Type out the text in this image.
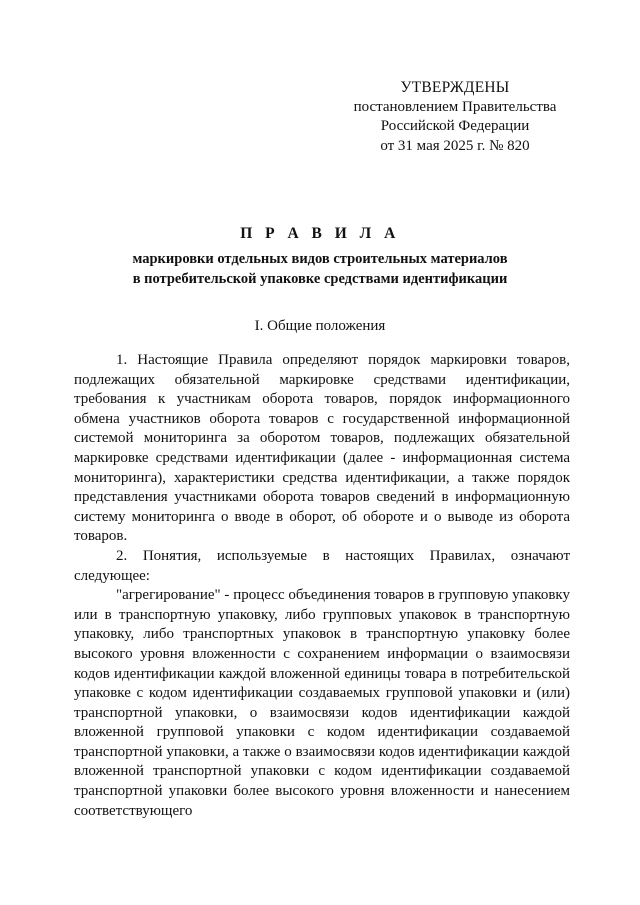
УТВЕРЖДЕНЫ
постановлением Правительства
Российской Федерации
от 31 мая 2025 г. № 820
П Р А В И Л А
маркировки отдельных видов строительных материалов
в потребительской упаковке средствами идентификации
I. Общие положения

1. Настоящие Правила определяют порядок маркировки товаров, подлежащих обязательной маркировке средствами идентификации, требования к участникам оборота товаров, порядок информационного обмена участников оборота товаров с государственной информационной системой мониторинга за оборотом товаров, подлежащих обязательной маркировке средствами идентификации (далее - информационная система мониторинга), характеристики средства идентификации, а также порядок представления участниками оборота товаров сведений в информационную систему мониторинга о вводе в оборот, об обороте и о выводе из оборота товаров.

2. Понятия, используемые в настоящих Правилах, означают следующее:

"агрегирование" - процесс объединения товаров в групповую упаковку или в транспортную упаковку, либо групповых упаковок в транспортную упаковку, либо транспортных упаковок в транспортную упаковку более высокого уровня вложенности с сохранением информации о взаимосвязи кодов идентификации каждой вложенной единицы товара в потребительской упаковке с кодом идентификации создаваемых групповой упаковки и (или) транспортной упаковки, о взаимосвязи кодов идентификации каждой вложенной групповой упаковки с кодом идентификации создаваемой транспортной упаковки, а также о взаимосвязи кодов идентификации каждой вложенной транспортной упаковки с кодом идентификации создаваемой транспортной упаковки более высокого уровня вложенности и нанесением соответствующего
